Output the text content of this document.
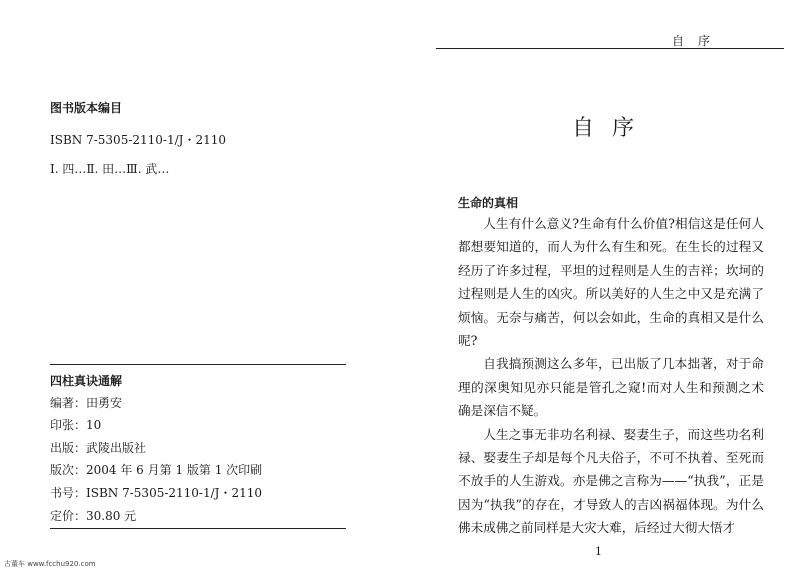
图书版本编目
ISBN 7-5305-2110-1/J・2110
Ⅰ. 四…Ⅱ. 田…Ⅲ. 武…
四柱真诀通解
编著：田勇安
印张：10
出版：武陵出版社
版次：2004 年 6 月第 1 版第 1 次印刷
书号：ISBN 7-5305-2110-1/J・2110
定价：30.80 元
古董车 www.fcchu920.com
自序
自序
生命的真相

人生有什么意义?生命有什么价值?相信这是任何人都想要知道的，而人为什么有生和死。在生长的过程又经历了许多过程，平坦的过程则是人生的吉祥；坎坷的过程则是人生的凶灾。所以美好的人生之中又是充满了烦恼。无奈与痛苦，何以会如此，生命的真相又是什么呢?

自我搞预测这么多年，已出版了几本拙著，对于命理的深奥知见亦只能是管孔之窥!而对人生和预测之术确是深信不疑。

人生之事无非功名利禄、娶妻生子，而这些功名利禄、娶妻生子却是每个凡夫俗子，不可不执着、至死而不放手的人生游戏。亦是佛之言称为——“执我”，正是因为“执我”的存在，才导致人的吉凶祸福体现。为什么佛未成佛之前同样是大灾大难，后经过大彻大悟才

1
